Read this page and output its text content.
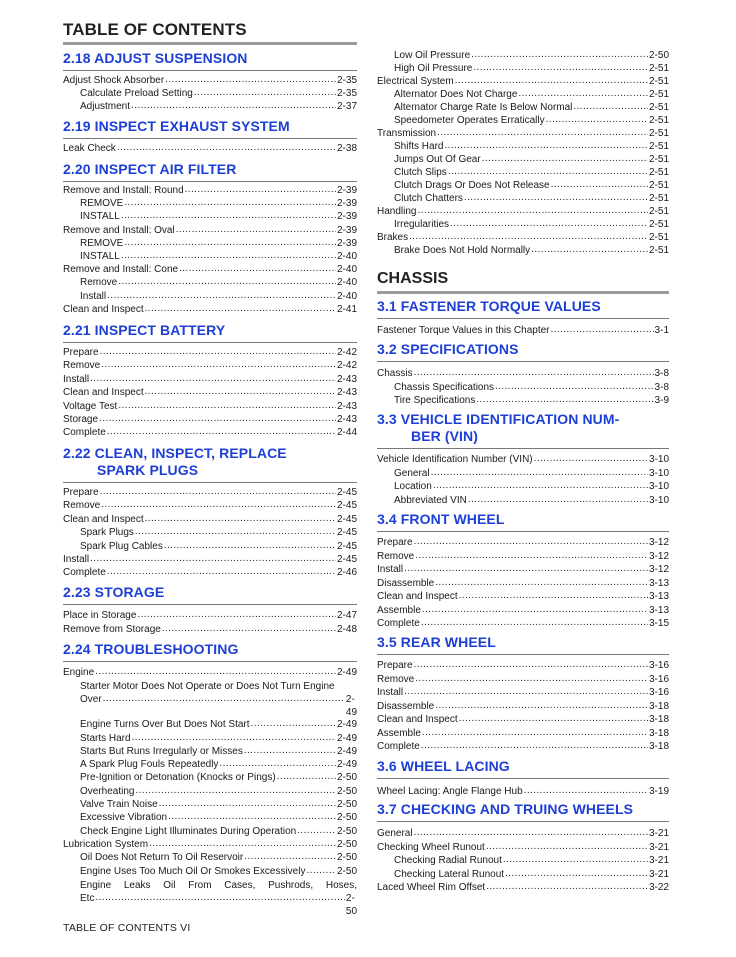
TABLE OF CONTENTS
2.18 ADJUST SUSPENSION
Adjust Shock Absorber .....	2-35
Calculate Preload Setting .....	2-35
Adjustment .....	2-37
2.19 INSPECT EXHAUST SYSTEM
Leak Check .....	2-38
2.20 INSPECT AIR FILTER
Remove and Install: Round .....	2-39
REMOVE .....	2-39
INSTALL .....	2-39
Remove and Install: Oval .....	2-39
REMOVE .....	2-39
INSTALL .....	2-40
Remove and Install: Cone .....	2-40
Remove .....	2-40
Install .....	2-40
Clean and Inspect .....	2-41
2.21 INSPECT BATTERY
Prepare .....	2-42
Remove .....	2-42
Install .....	2-43
Clean and Inspect .....	2-43
Voltage Test .....	2-43
Storage .....	2-43
Complete .....	2-44
2.22 CLEAN, INSPECT, REPLACE
SPARK PLUGS
Prepare .....	2-45
Remove .....	2-45
Clean and Inspect .....	2-45
Spark Plugs .....	2-45
Spark Plug Cables .....	2-45
Install .....	2-45
Complete .....	2-46
2.23 STORAGE
Place in Storage .....	2-47
Remove from Storage .....	2-48
2.24 TROUBLESHOOTING
Engine .....	2-49
Starter Motor Does Not Operate or Does Not Turn Engine
Over .....	2-49
Engine Turns Over But Does Not Start .....	2-49
Starts Hard .....	2-49
Starts But Runs Irregularly or Misses .....	2-49
A Spark Plug Fouls Repeatedly .....	2-49
Pre-Ignition or Detonation (Knocks or Pings) .....	2-50
Overheating .....	2-50
Valve Train Noise .....	2-50
Excessive Vibration .....	2-50
Check Engine Light Illuminates During Operation .....	2-50
Lubrication System .....	2-50
Oil Does Not Return To Oil Reservoir .....	2-50
Engine Uses Too Much Oil Or Smokes Excessively .....	2-50
Engine Leaks Oil From Cases, Pushrods, Hoses,
Etc .....	2-50
Low Oil Pressure .....	2-50
High Oil Pressure .....	2-51
Electrical System .....	2-51
Alternator Does Not Charge .....	2-51
Alternator Charge Rate Is Below Normal .....	2-51
Speedometer Operates Erratically .....	2-51
Transmission .....	2-51
Shifts Hard .....	2-51
Jumps Out Of Gear .....	2-51
Clutch Slips .....	2-51
Clutch Drags Or Does Not Release .....	2-51
Clutch Chatters .....	2-51
Handling .....	2-51
Irregularities .....	2-51
Brakes .....	2-51
Brake Does Not Hold Normally .....	2-51
CHASSIS
3.1 FASTENER TORQUE VALUES
Fastener Torque Values in this Chapter .....	3-1
3.2 SPECIFICATIONS
Chassis .....	3-8
Chassis Specifications .....	3-8
Tire Specifications .....	3-9
3.3 VEHICLE IDENTIFICATION NUM-
BER (VIN)
Vehicle Identification Number (VIN) .....	3-10
General .....	3-10
Location .....	3-10
Abbreviated VIN .....	3-10
3.4 FRONT WHEEL
Prepare .....	3-12
Remove .....	3-12
Install .....	3-12
Disassemble .....	3-13
Clean and Inspect .....	3-13
Assemble .....	3-13
Complete .....	3-15
3.5 REAR WHEEL
Prepare .....	3-16
Remove .....	3-16
Install .....	3-16
Disassemble .....	3-18
Clean and Inspect .....	3-18
Assemble .....	3-18
Complete .....	3-18
3.6 WHEEL LACING
Wheel Lacing: Angle Flange Hub .....	3-19
3.7 CHECKING AND TRUING WHEELS
General .....	3-21
Checking Wheel Runout .....	3-21
Checking Radial Runout .....	3-21
Checking Lateral Runout .....	3-21
Laced Wheel Rim Offset .....	3-22
TABLE OF CONTENTS VI
